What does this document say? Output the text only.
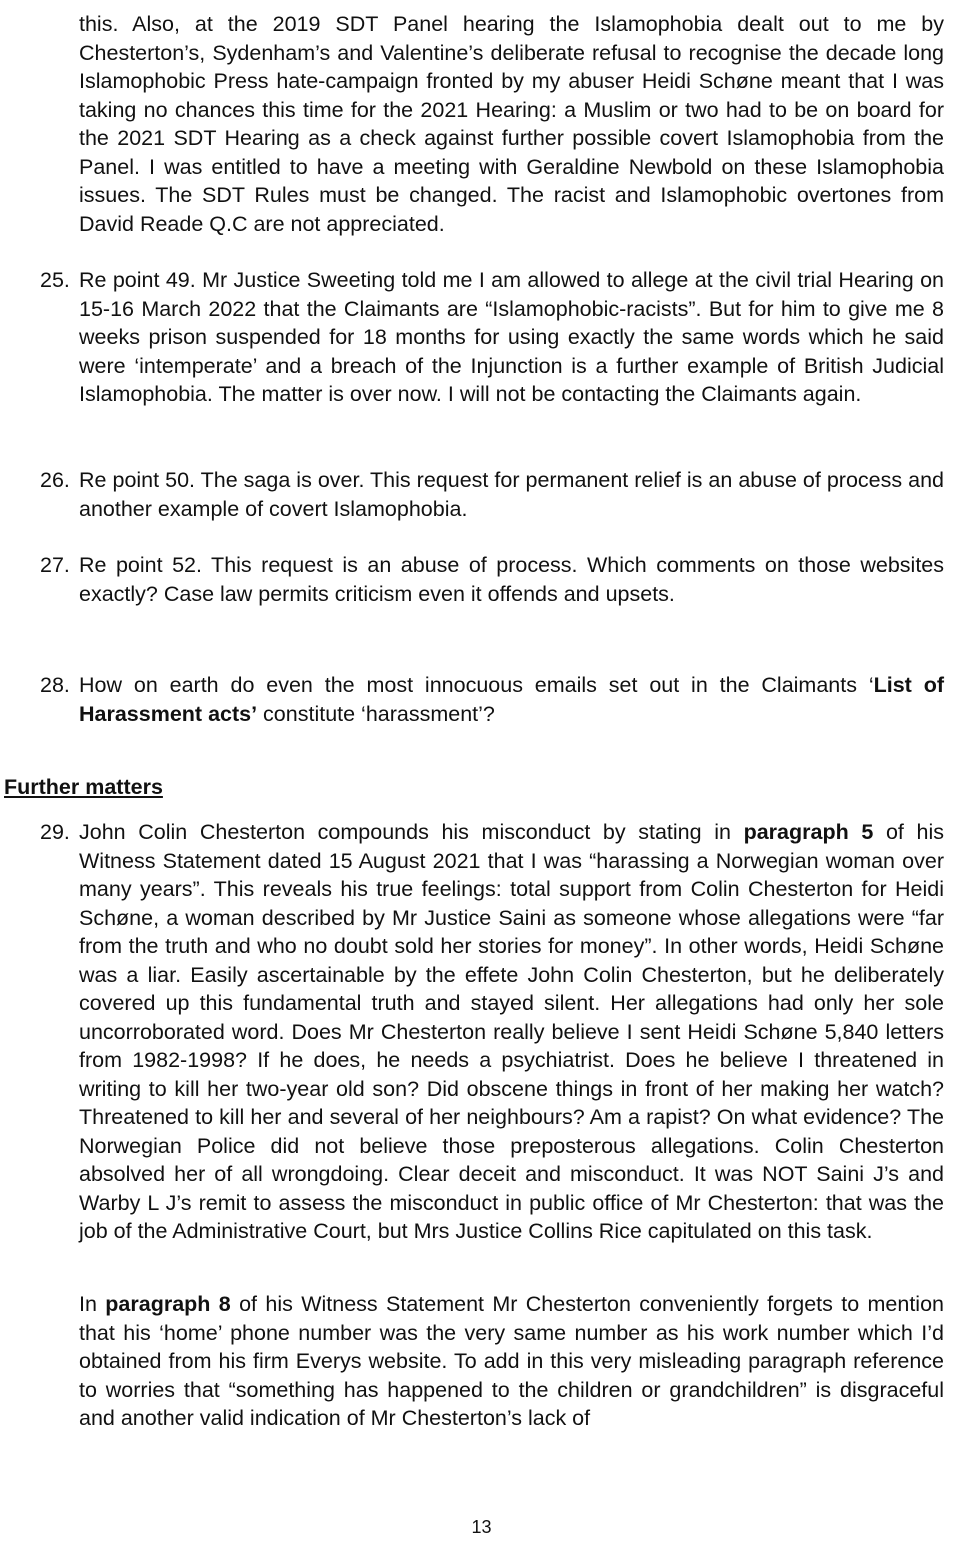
this. Also, at the 2019 SDT Panel hearing the Islamophobia dealt out to me by Chesterton’s, Sydenham’s and Valentine’s deliberate refusal to recognise the decade long Islamophobic Press hate-campaign fronted by my abuser Heidi Schøne meant that I was taking no chances this time for the 2021 Hearing: a Muslim or two had to be on board for the 2021 SDT Hearing as a check against further possible covert Islamophobia from the Panel. I was entitled to have a meeting with Geraldine Newbold on these Islamophobia issues. The SDT Rules must be changed. The racist and Islamophobic overtones from David Reade Q.C are not appreciated.

25. Re point 49. Mr Justice Sweeting told me I am allowed to allege at the civil trial Hearing on 15-16 March 2022 that the Claimants are “Islamophobic-racists”. But for him to give me 8 weeks prison suspended for 18 months for using exactly the same words which he said were ‘intemperate’ and a breach of the Injunction is a further example of British Judicial Islamophobia. The matter is over now. I will not be contacting the Claimants again.

26. Re point 50. The saga is over. This request for permanent relief is an abuse of process and another example of covert Islamophobia.

27. Re point 52. This request is an abuse of process. Which comments on those websites exactly? Case law permits criticism even it offends and upsets.

28. How on earth do even the most innocuous emails set out in the Claimants ‘List of Harassment acts’ constitute ‘harassment’?

Further matters

29. John Colin Chesterton compounds his misconduct by stating in paragraph 5 of his Witness Statement dated 15 August 2021 that I was “harassing a Norwegian woman over many years”. This reveals his true feelings: total support from Colin Chesterton for Heidi Schøne, a woman described by Mr Justice Saini as someone whose allegations were “far from the truth and who no doubt sold her stories for money”. In other words, Heidi Schøne was a liar. Easily ascertainable by the effete John Colin Chesterton, but he deliberately covered up this fundamental truth and stayed silent. Her allegations had only her sole uncorroborated word. Does Mr Chesterton really believe I sent Heidi Schøne 5,840 letters from 1982-1998? If he does, he needs a psychiatrist. Does he believe I threatened in writing to kill her two-year old son? Did obscene things in front of her making her watch? Threatened to kill her and several of her neighbours? Am a rapist? On what evidence? The Norwegian Police did not believe those preposterous allegations. Colin Chesterton absolved her of all wrongdoing. Clear deceit and misconduct. It was NOT Saini J’s and Warby L J’s remit to assess the misconduct in public office of Mr Chesterton: that was the job of the Administrative Court, but Mrs Justice Collins Rice capitulated on this task.

In paragraph 8 of his Witness Statement Mr Chesterton conveniently forgets to mention that his ‘home’ phone number was the very same number as his work number which I’d obtained from his firm Everys website. To add in this very misleading paragraph reference to worries that “something has happened to the children or grandchildren” is disgraceful and another valid indication of Mr Chesterton’s lack of

13
